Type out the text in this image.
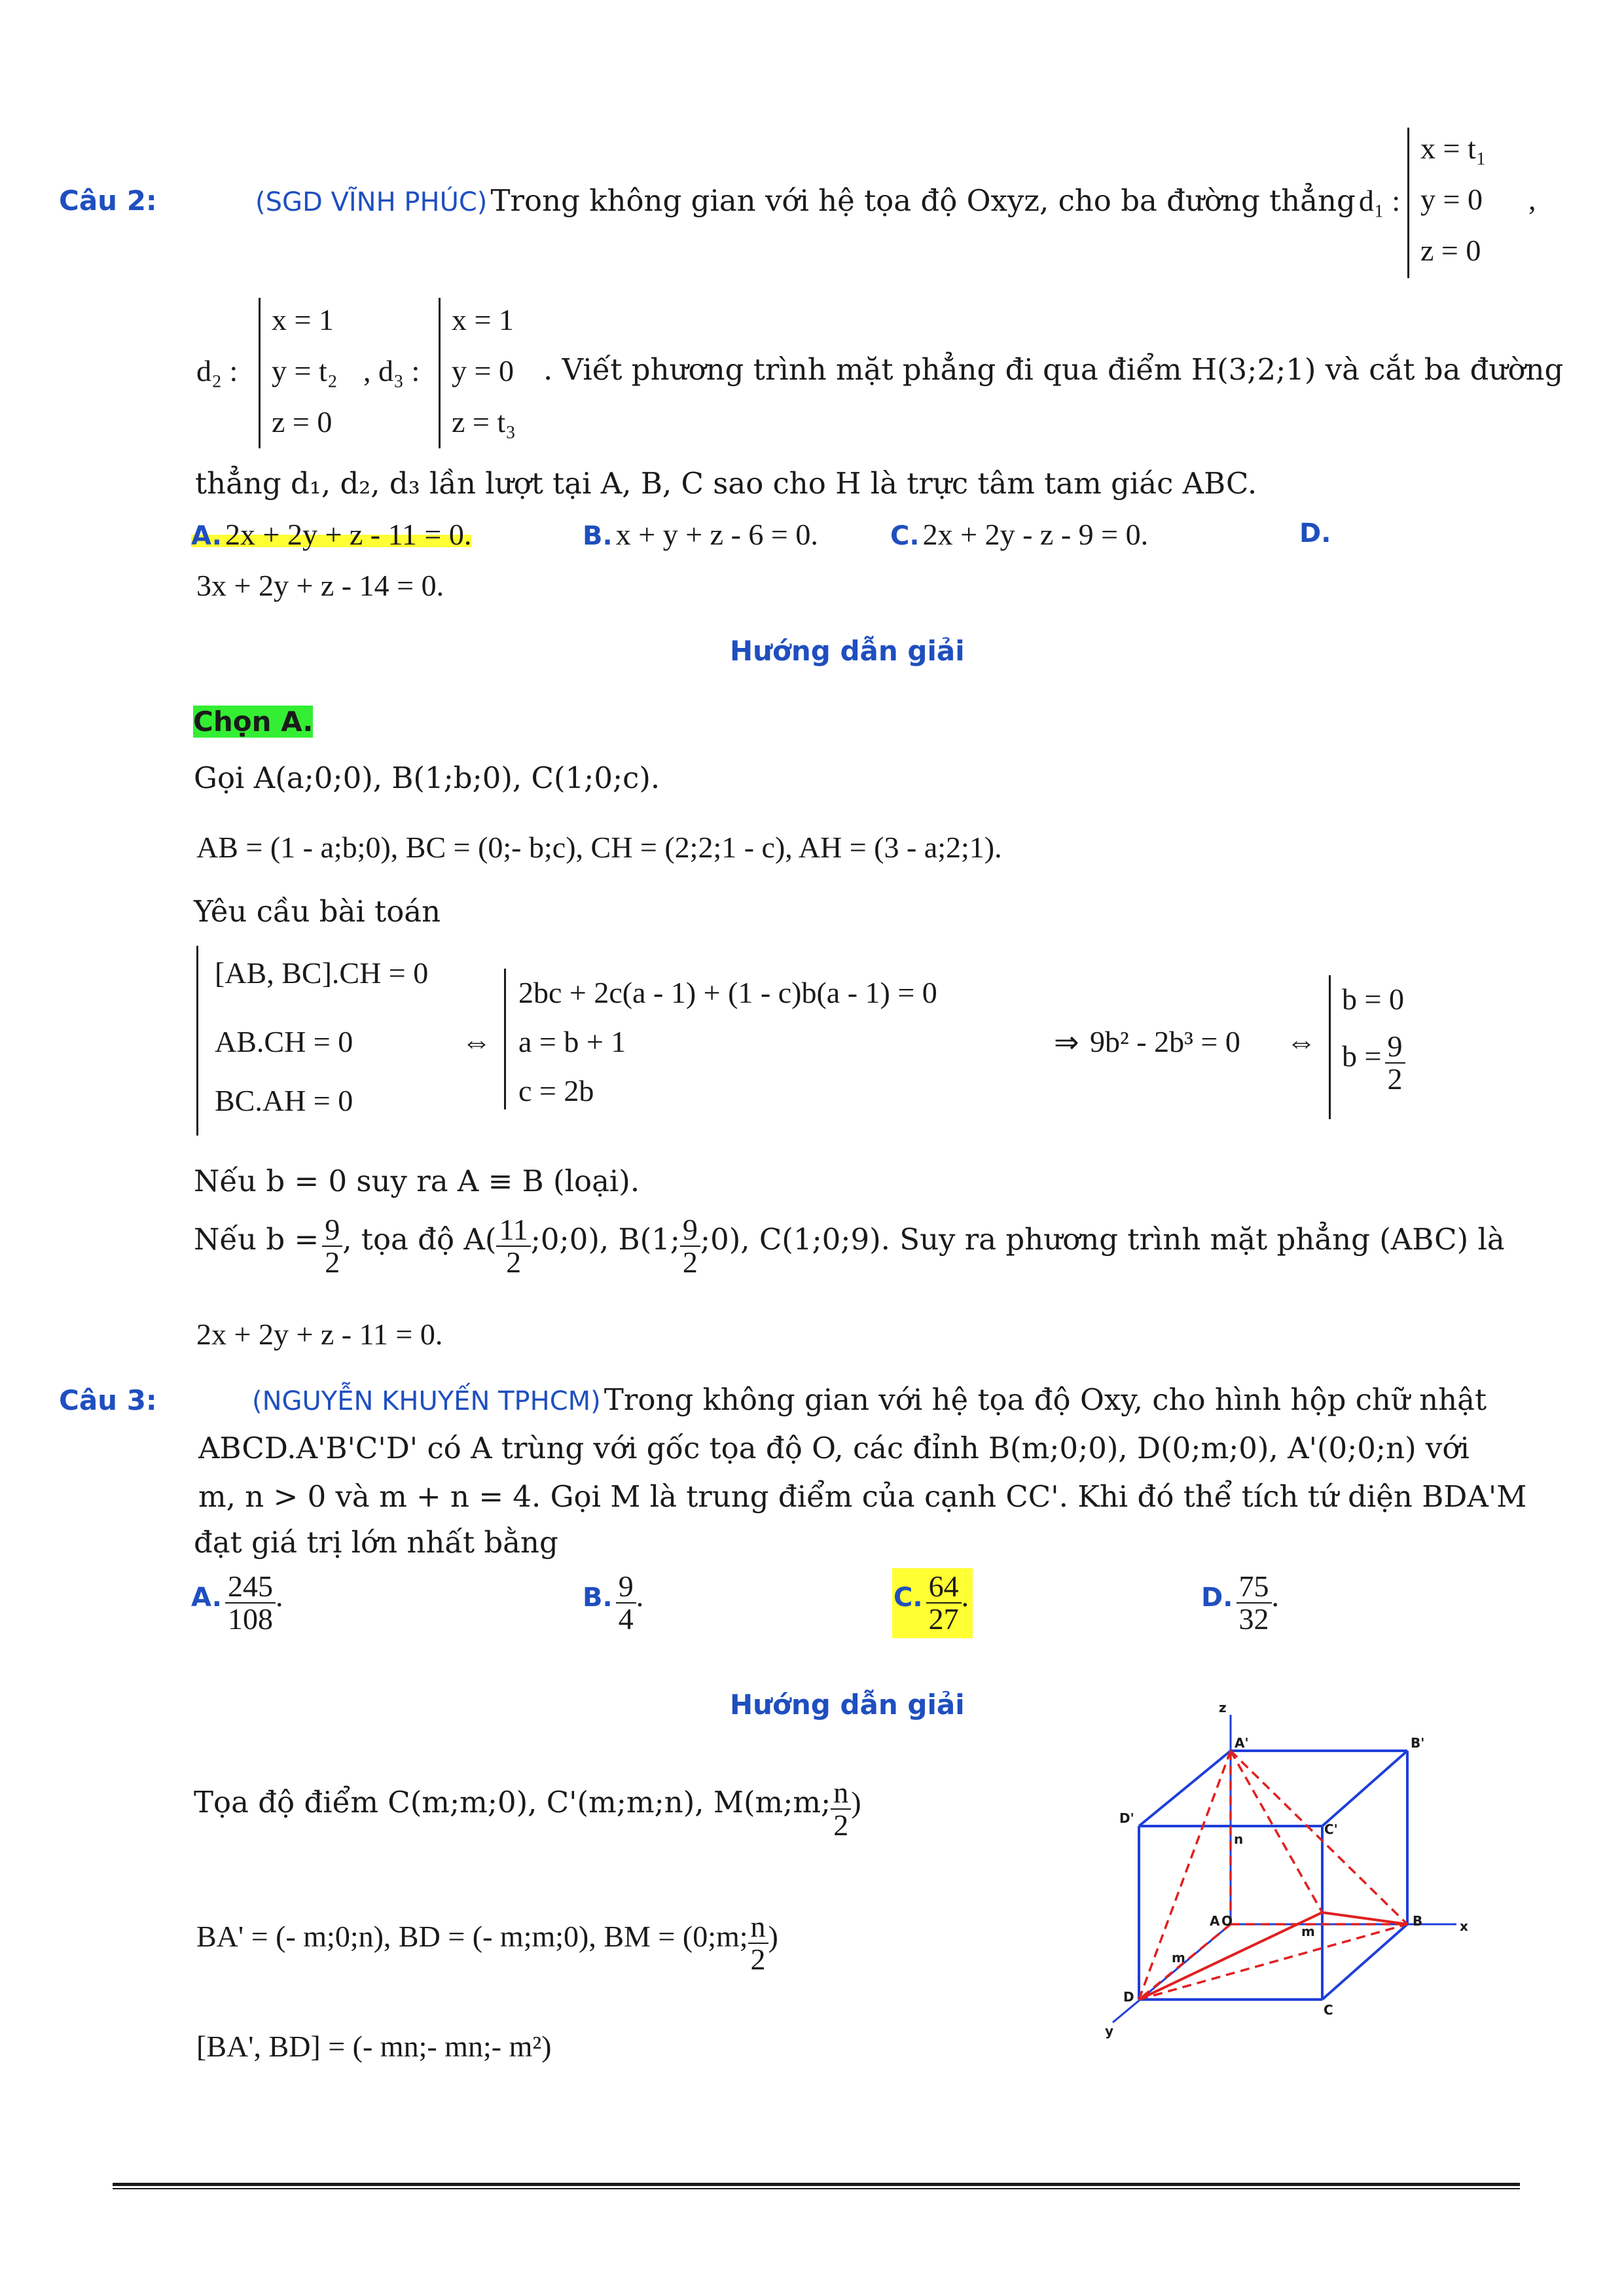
Câu 2:	(SGD VĨNH PHÚC) Trong không gian với hệ tọa độ Oxyz, cho ba đường thẳng d₁ :
x = t₁
y = 0
z = 0
,
d₂ :
x = 1
y = t₂
z = 0
, d₃ :
x = 1
y = 0
z = t₃
. Viết phương trình mặt phẳng đi qua điểm H(3;2;1) và cắt ba đường
thẳng d₁, d₂, d₃ lần lượt tại A, B, C sao cho H là trực tâm tam giác ABC.
A. 2x + 2y + z - 11 = 0.	B. x + y + z - 6 = 0.	C. 2x + 2y - z - 9 = 0.	D.
3x + 2y + z - 14 = 0.
Hướng dẫn giải
Chọn A.
Gọi A(a;0;0), B(1;b;0), C(1;0;c).
AB = (1 - a;b;0), BC = (0;- b;c), CH = (2;2;1 - c), AH = (3 - a;2;1).
Yêu cầu bài toán
[AB, BC].CH = 0
AB.CH = 0
BC.AH = 0
⇔
2bc + 2c(a - 1) + (1 - c)b(a - 1) = 0
a = b + 1
c = 2b
⇒ 9b² - 2b³ = 0 ⇔
b = 0
$b = \frac{9}{2}$
Nếu b = 0 suy ra A ≡ B (loại).
Nếu $b = \frac{9}{2}$ , tọa độ $A( \frac{11}{2}$ ;0;0), B(1; $\frac{9}{2}$ ;0), C(1;0;9). Suy ra phương trình mặt phẳng (ABC) là
2x + 2y + z - 11 = 0.
Câu 3:	(NGUYỄN KHUYẾN TPHCM) Trong không gian với hệ tọa độ Oxy, cho hình hộp chữ nhật
ABCD.A'B'C'D' có A trùng với gốc tọa độ O, các đỉnh B(m;0;0), D(0;m;0), A'(0;0;n) với
m, n > 0 và m + n = 4. Gọi M là trung điểm của cạnh CC'. Khi đó thể tích tứ diện BDA'M
đạt giá trị lớn nhất bằng
A. $\frac{245}{108}$ .	B. $\frac{9}{4}$ .	C. $\frac{64}{27}$ .	D. $\frac{75}{32}$ .
Hướng dẫn giải
Tọa độ điểm C(m;m;0), C'(m;m;n), M(m;m; $\frac{n}{2}$ )
BA' = (- m;0;n), BD = (- m;m;0), BM = (0;m; $\frac{n}{2}$ )
[BA', BD] = (- mn;- mn;- m²)
z
x
y
A'	B'
C'
D'
A O	B
C
D
m
m
n
